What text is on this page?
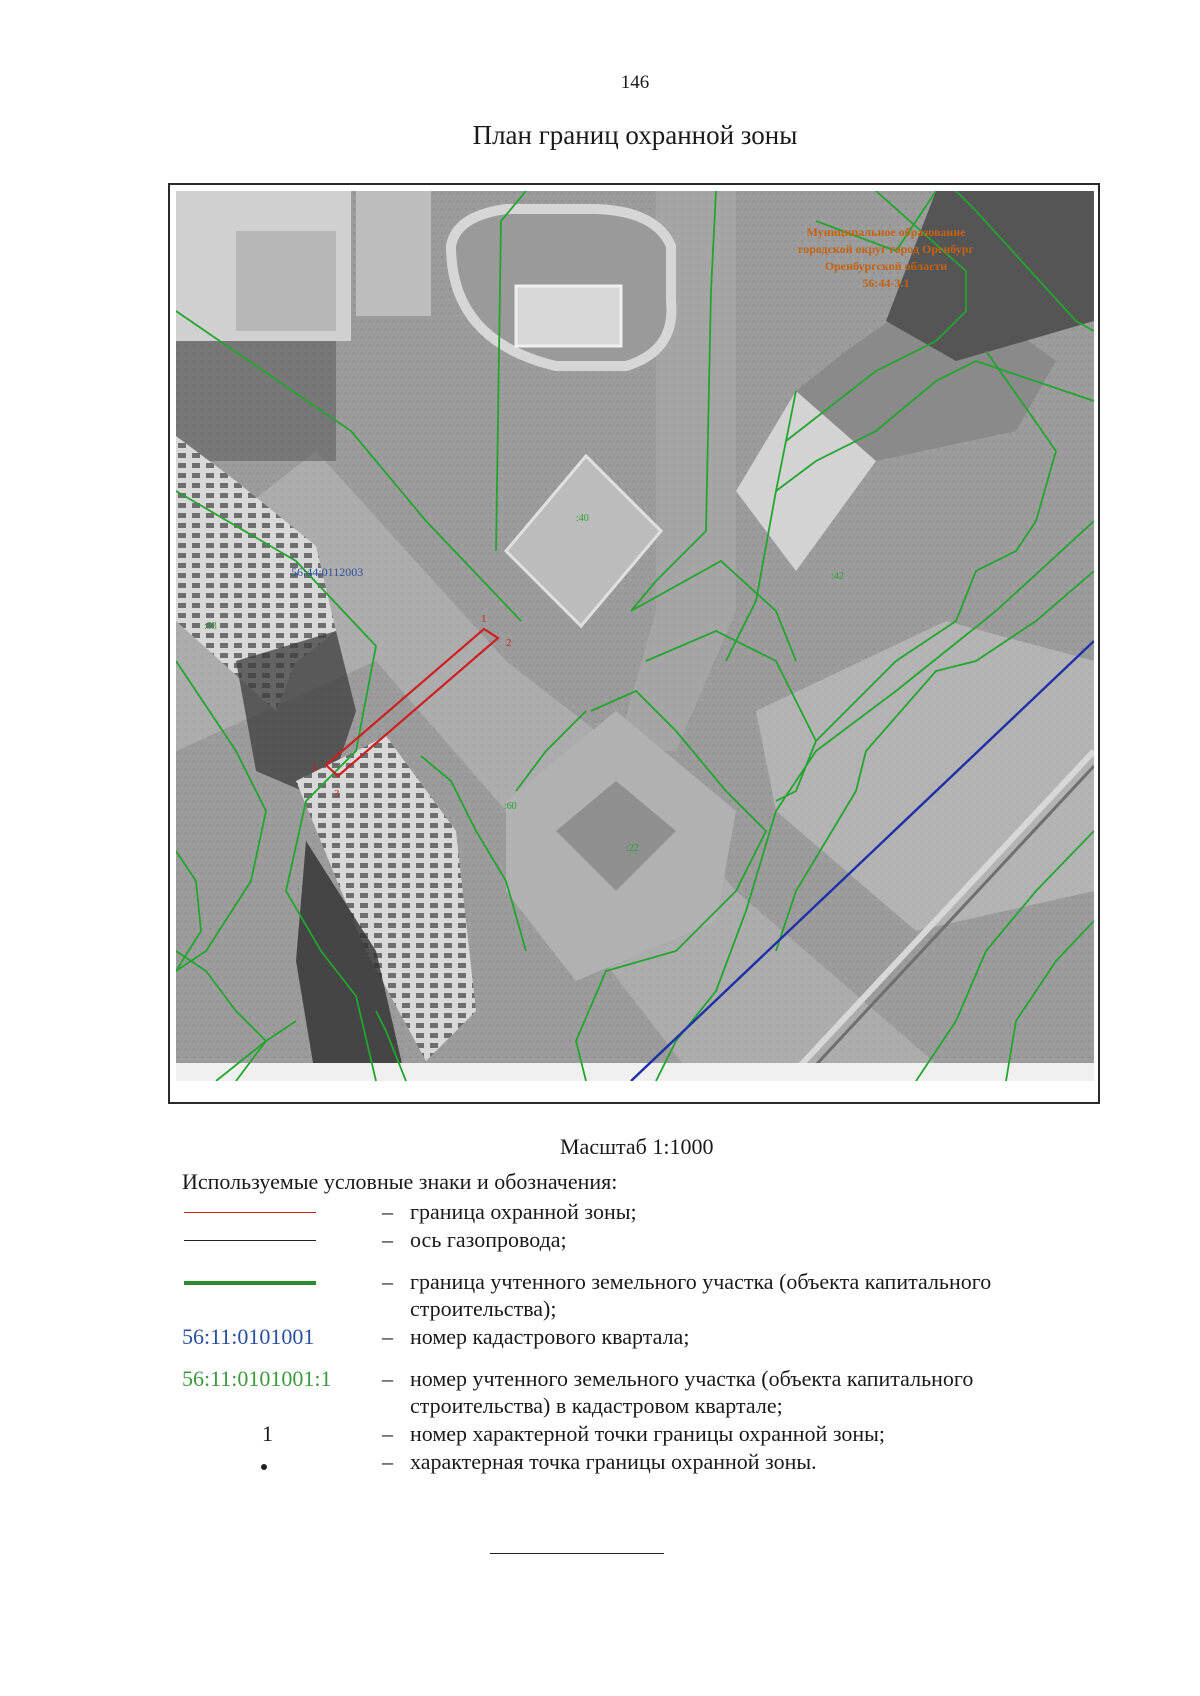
146
План границ охранной зоны
1
2
3
4
:40
:42
:53
:60
:22
56:44:0112003
Муниципальное образование
городской округ город Оренбург
Оренбургской области
56:44-3.1
Масштаб 1:1000
Используемые условные знаки и обозначения:
– граница охранной зоны;
– ось газопровода;
– граница учтенного земельного участка (объекта капитального строительства);
56:11:0101001	– номер кадастрового квартала;
56:11:0101001:1 – номер учтенного земельного участка (объекта капитального строительства) в кадастровом квартале;
1	– номер характерной точки границы охранной зоны;
– характерная точка границы охранной зоны.
